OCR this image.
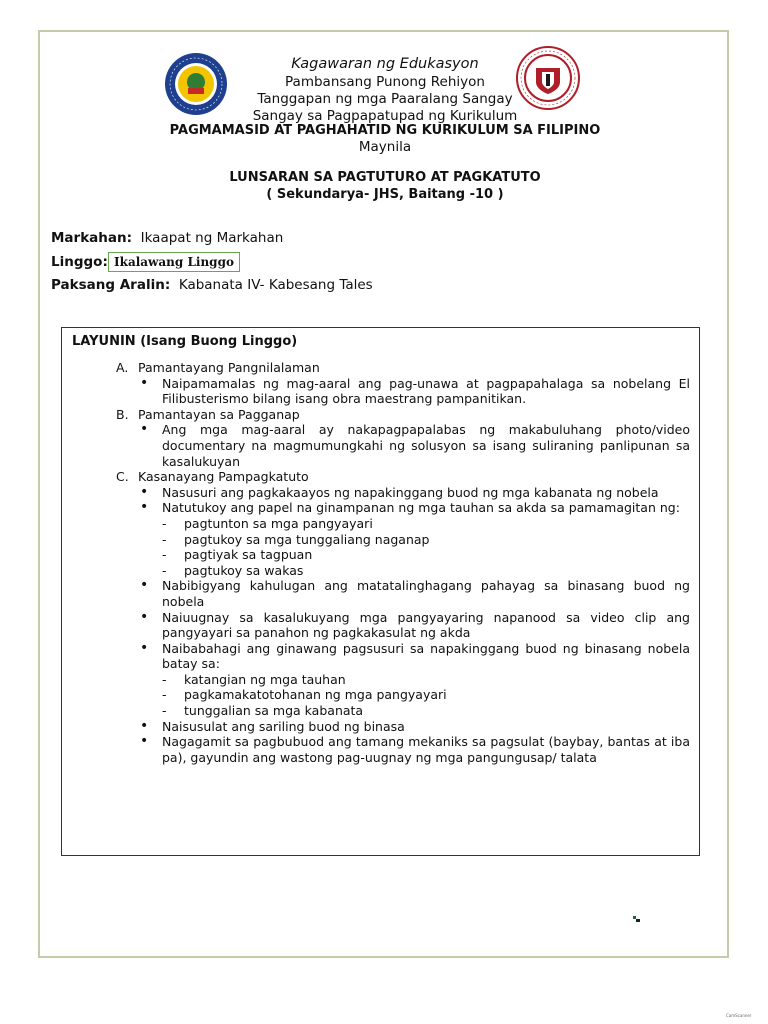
Kagawaran ng Edukasyon
Pambansang Punong Rehiyon
Tanggapan ng mga Paaralang Sangay
Sangay sa Pagpapatupad ng Kurikulum
PAGMAMASID AT PAGHAHATID NG KURIKULUM SA FILIPINO
Maynila
LUNSARAN SA PAGTUTURO AT PAGKATUTO
( Sekundarya- JHS, Baitang -10 )
Markahan: Ikaapat ng Markahan
Linggo: Ikalawang Linggo
Paksang Aralin: Kabanata IV- Kabesang Tales
LAYUNIN (Isang Buong Linggo)
A. Pamantayang Pangnilalaman
• Naipamamalas ng mag-aaral ang pag-unawa at pagpapahalaga sa nobelang El Filibusterismo bilang isang obra maestrang pampanitikan.
B. Pamantayan sa Pagganap
• Ang mga mag-aaral ay nakapagpapalabas ng makabuluhang photo/video documentary na magmumungkahi ng solusyon sa isang suliraning panlipunan sa kasalukuyan
C. Kasanayang Pampagkatuto
• Nasusuri ang pagkakaayos ng napakinggang buod ng mga kabanata ng nobela
• Natutukoy ang papel na ginampanan ng mga tauhan sa akda sa pamamagitan ng:
- pagtunton sa mga pangyayari
- pagtukoy sa mga tunggaliang naganap
- pagtiyak sa tagpuan
- pagtukoy sa wakas
• Nabibigyang kahulugan ang matatalinghagang pahayag sa binasang buod ng nobela
• Naiuugnay sa kasalukuyang mga pangyayaring napanood sa video clip ang pangyayari sa panahon ng pagkakasulat ng akda
• Naibabahagi ang ginawang pagsusuri sa napakinggang buod ng binasang nobela batay sa:
- katangian ng mga tauhan
- pagkamakatotohanan ng mga pangyayari
- tunggalian sa mga kabanata
• Naisusulat ang sariling buod ng binasa
• Nagagamit sa pagbubuod ang tamang mekaniks sa pagsulat (baybay, bantas at iba pa), gayundin ang wastong pag-uugnay ng mga pangungusap/ talata
CamScanner
